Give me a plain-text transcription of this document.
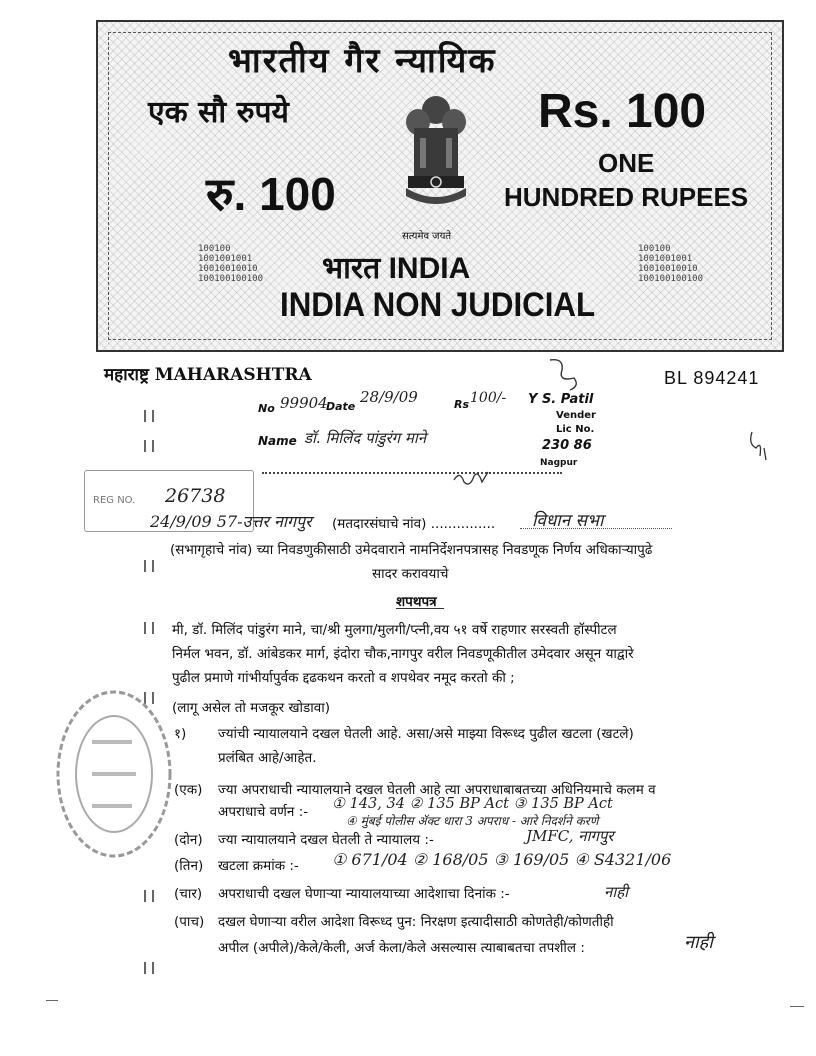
भारतीय गैर न्यायिक
एक सौ रुपये	Rs. 100
रु. 100
ONE
HUNDRED RUPEES
सत्यमेव जयते
100100
1001001001
10010010010
100100100100
100100
1001001001
10010010010
100100100100
भारत INDIA
INDIA NON JUDICIAL
महाराष्ट्र MAHARASHTRA	BL 894241
No 99904
Date
28/9/09	Rs 100/- Y S. Patil
Vender
Lic No.
230 86
Name डॉ. मिलिंद पांडुरंग माने
Nagpur
REG NO. 26738
24/9/09 57-उत्तर नागपुर (मतदारसंघाचे नांव) ............... विधान सभा
(सभागृहाचे नांव) च्या निवडणुकीसाठी उमेदवाराने नामनिर्देशनपत्रासह निवडणूक निर्णय अधिकाऱ्यापुढे
सादर करावयाचे
शपथपत्र
मी, डॉ. मिलिंद पांडुरंग माने, चा/श्री मुलगा/मुलगी/प्त्नी,वय ५१ वर्षे राहणार सरस्वती हॉस्पीटल
निर्मल भवन, डॉ. आंबेडकर मार्ग, इंदोरा चौक,नागपुर वरील निवडणूकीतील उमेदवार असून याद्वारे
पुढील प्रमाणे गांभीर्यापुर्वक द्दढकथन करतो व शपथेवर नमूद करतो की ;
(लागू असेल तो मजकूर खोडावा)
१) ज्यांची न्यायालयाने दखल घेतली आहे. असा/असे माझ्या विरूध्द पुढील खटला (खटले)
प्रलंबित आहे/आहेत.
(एक) ज्या अपराधाची न्यायालयाने दखल घेतली आहे त्या अपराधाबाबतच्या अधिनियमाचे कलम व
अपराधाचे वर्णन :- ① 143, 34 ② 135 BP Act ③ 135 BP Act
④ मुंबई पोलीस ॲक्ट धारा 3 अपराध - आरे निदर्शने करणे
(दोन) ज्या न्यायालयाने दखल घेतली ते न्यायालय :-	JMFC, नागपुर
(तिन) खटला क्रमांक :- ① 671/04 ② 168/05 ③ 169/05 ④ S4321/06
(चार) अपराधाची दखल घेणाऱ्या न्यायालयाच्या आदेशाचा दिनांक :-	नाही
(पाच) दखल घेणाऱ्या वरील आदेशा विरूध्द पुन: निरक्षण इत्यादीसाठी कोणतेही/कोणतीही
अपील (अपीले)/केले/केली, अर्ज केला/केले असल्यास त्याबाबतचा तपशील :	नाही
